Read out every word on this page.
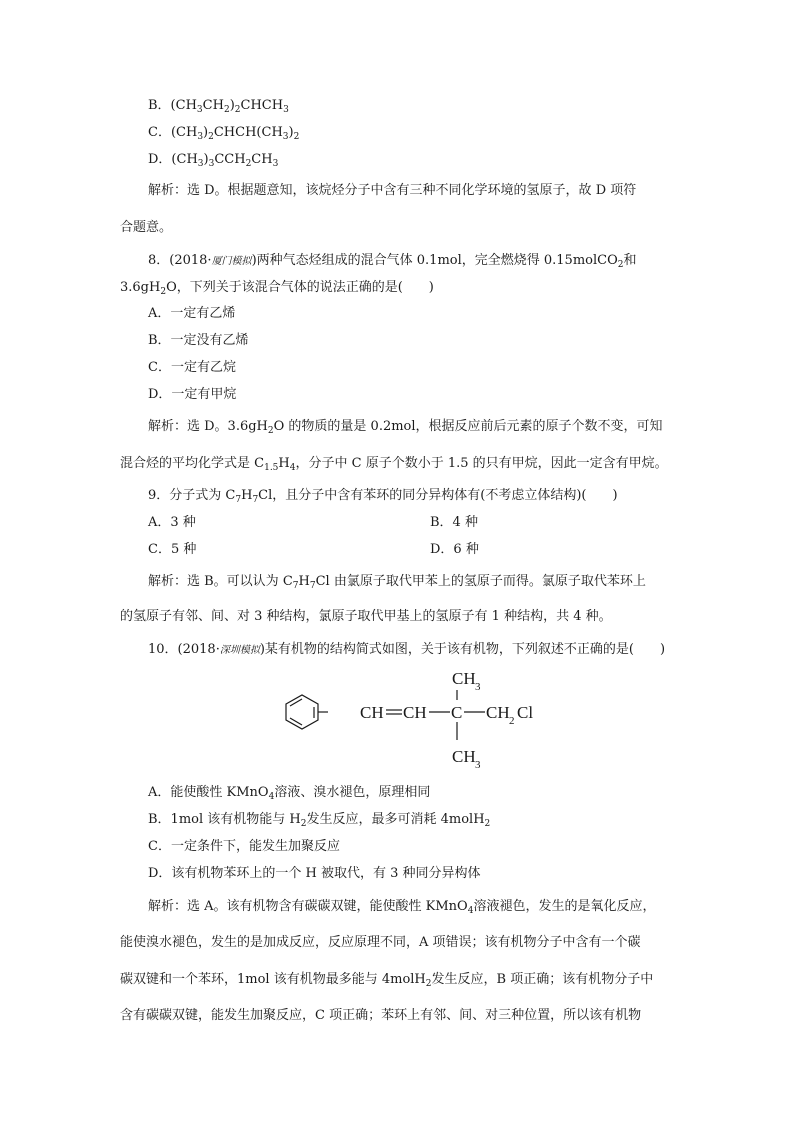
B．$(CH_3CH_2)_2CHCH_3$
C．$(CH_3)_2CHCH(CH_3)_2$
D．$(CH_3)_3CCH_2CH_3$
解析：选 D。根据题意知，该烷烃分子中含有三种不同化学环境的氢原子，故 D 项符
合题意。
8．(2018·厦门模拟)两种气态烃组成的混合气体 0.1mol，完全燃烧得 0.15molCO$_2$和
$3.6gH_2O$，下列关于该混合气体的说法正确的是(　　)
A．一定有乙烯
B．一定没有乙烯
C．一定有乙烷
D．一定有甲烷
解析：选 D。$3.6gH_2O$ 的物质的量是 0.2mol，根据反应前后元素的原子个数不变，可知
混合烃的平均化学式是 $C_{1.5}H_4$，分子中 C 原子个数小于 1.5 的只有甲烷，因此一定含有甲烷。
9．分子式为 $C_7H_7Cl$，且分子中含有苯环的同分异构体有(不考虑立体结构)(　　)
A．3 种	B．4 种
C．5 种	D．6 种
解析：选 B。可以认为 $C_7H_7Cl$ 由氯原子取代甲苯上的氢原子而得。氯原子取代苯环上
的氢原子有邻、间、对 3 种结构，氯原子取代甲基上的氢原子有 1 种结构，共 4 种。
10．(2018·深圳模拟)某有机物的结构简式如图，关于该有机物，下列叙述不正确的是(　　)
CH CH C CH 2 Cl
CH 3
CH 3
A．能使酸性 KMnO$_4$溶液、溴水褪色，原理相同
B．1mol 该有机物能与 $H_2$发生反应，最多可消耗 4molH$_2$
C．一定条件下，能发生加聚反应
D．该有机物苯环上的一个 H 被取代，有 3 种同分异构体
解析：选 A。该有机物含有碳碳双键，能使酸性 KMnO$_4$溶液褪色，发生的是氧化反应，
能使溴水褪色，发生的是加成反应，反应原理不同，A 项错误；该有机物分子中含有一个碳
碳双键和一个苯环，1mol 该有机物最多能与 4molH$_2$发生反应，B 项正确；该有机物分子中
含有碳碳双键，能发生加聚反应，C 项正确；苯环上有邻、间、对三种位置，所以该有机物
